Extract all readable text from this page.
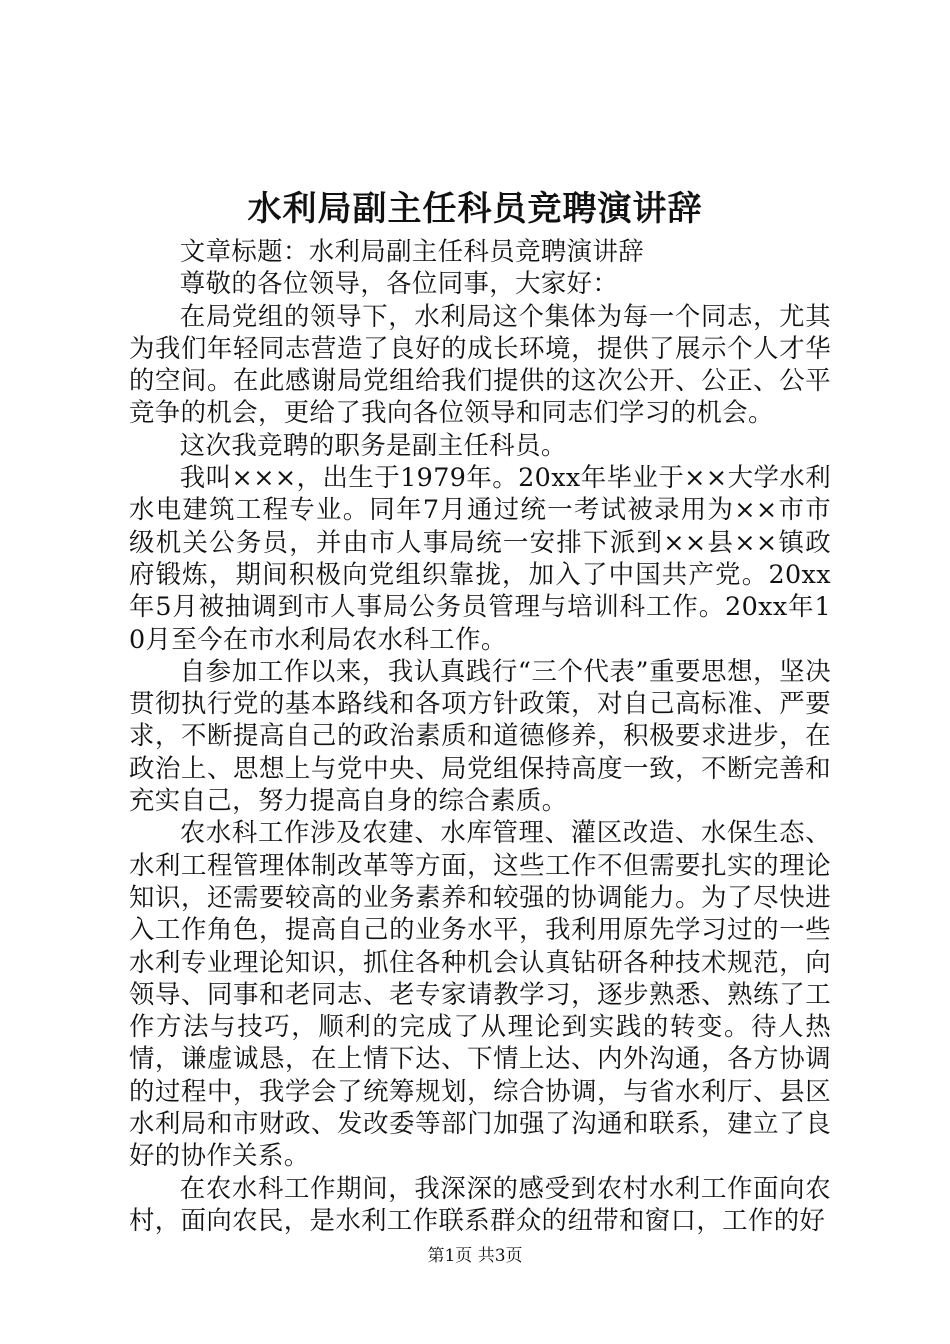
水利局副主任科员竞聘演讲辞

文章标题：水利局副主任科员竞聘演讲辞

尊敬的各位领导，各位同事，大家好：

在局党组的领导下，水利局这个集体为每一个同志，尤其为我们年轻同志营造了良好的成长环境，提供了展示个人才华的空间。在此感谢局党组给我们提供的这次公开、公正、公平竞争的机会，更给了我向各位领导和同志们学习的机会。

这次我竞聘的职务是副主任科员。

我叫×××，出生于1979年。20xx年毕业于××大学水利水电建筑工程专业。同年7月通过统一考试被录用为××市市级机关公务员，并由市人事局统一安排下派到××县××镇政府锻炼，期间积极向党组织靠拢，加入了中国共产党。20xx年5月被抽调到市人事局公务员管理与培训科工作。20xx年10月至今在市水利局农水科工作。

自参加工作以来，我认真践行“三个代表”重要思想，坚决贯彻执行党的基本路线和各项方针政策，对自己高标准、严要求，不断提高自己的政治素质和道德修养，积极要求进步，在政治上、思想上与党中央、局党组保持高度一致，不断完善和充实自己，努力提高自身的综合素质。

农水科工作涉及农建、水库管理、灌区改造、水保生态、水利工程管理体制改革等方面，这些工作不但需要扎实的理论知识，还需要较高的业务素养和较强的协调能力。为了尽快进入工作角色，提高自己的业务水平，我利用原先学习过的一些水利专业理论知识，抓住各种机会认真钻研各种技术规范，向领导、同事和老同志、老专家请教学习，逐步熟悉、熟练了工作方法与技巧，顺利的完成了从理论到实践的转变。待人热情，谦虚诚恳，在上情下达、下情上达、内外沟通，各方协调的过程中，我学会了统筹规划，综合协调，与省水利厅、县区水利局和市财政、发改委等部门加强了沟通和联系，建立了良好的协作关系。

在农水科工作期间，我深深的感受到农村水利工作面向农村，面向农民，是水利工作联系群众的纽带和窗口，工作的好

第1页 共3页
